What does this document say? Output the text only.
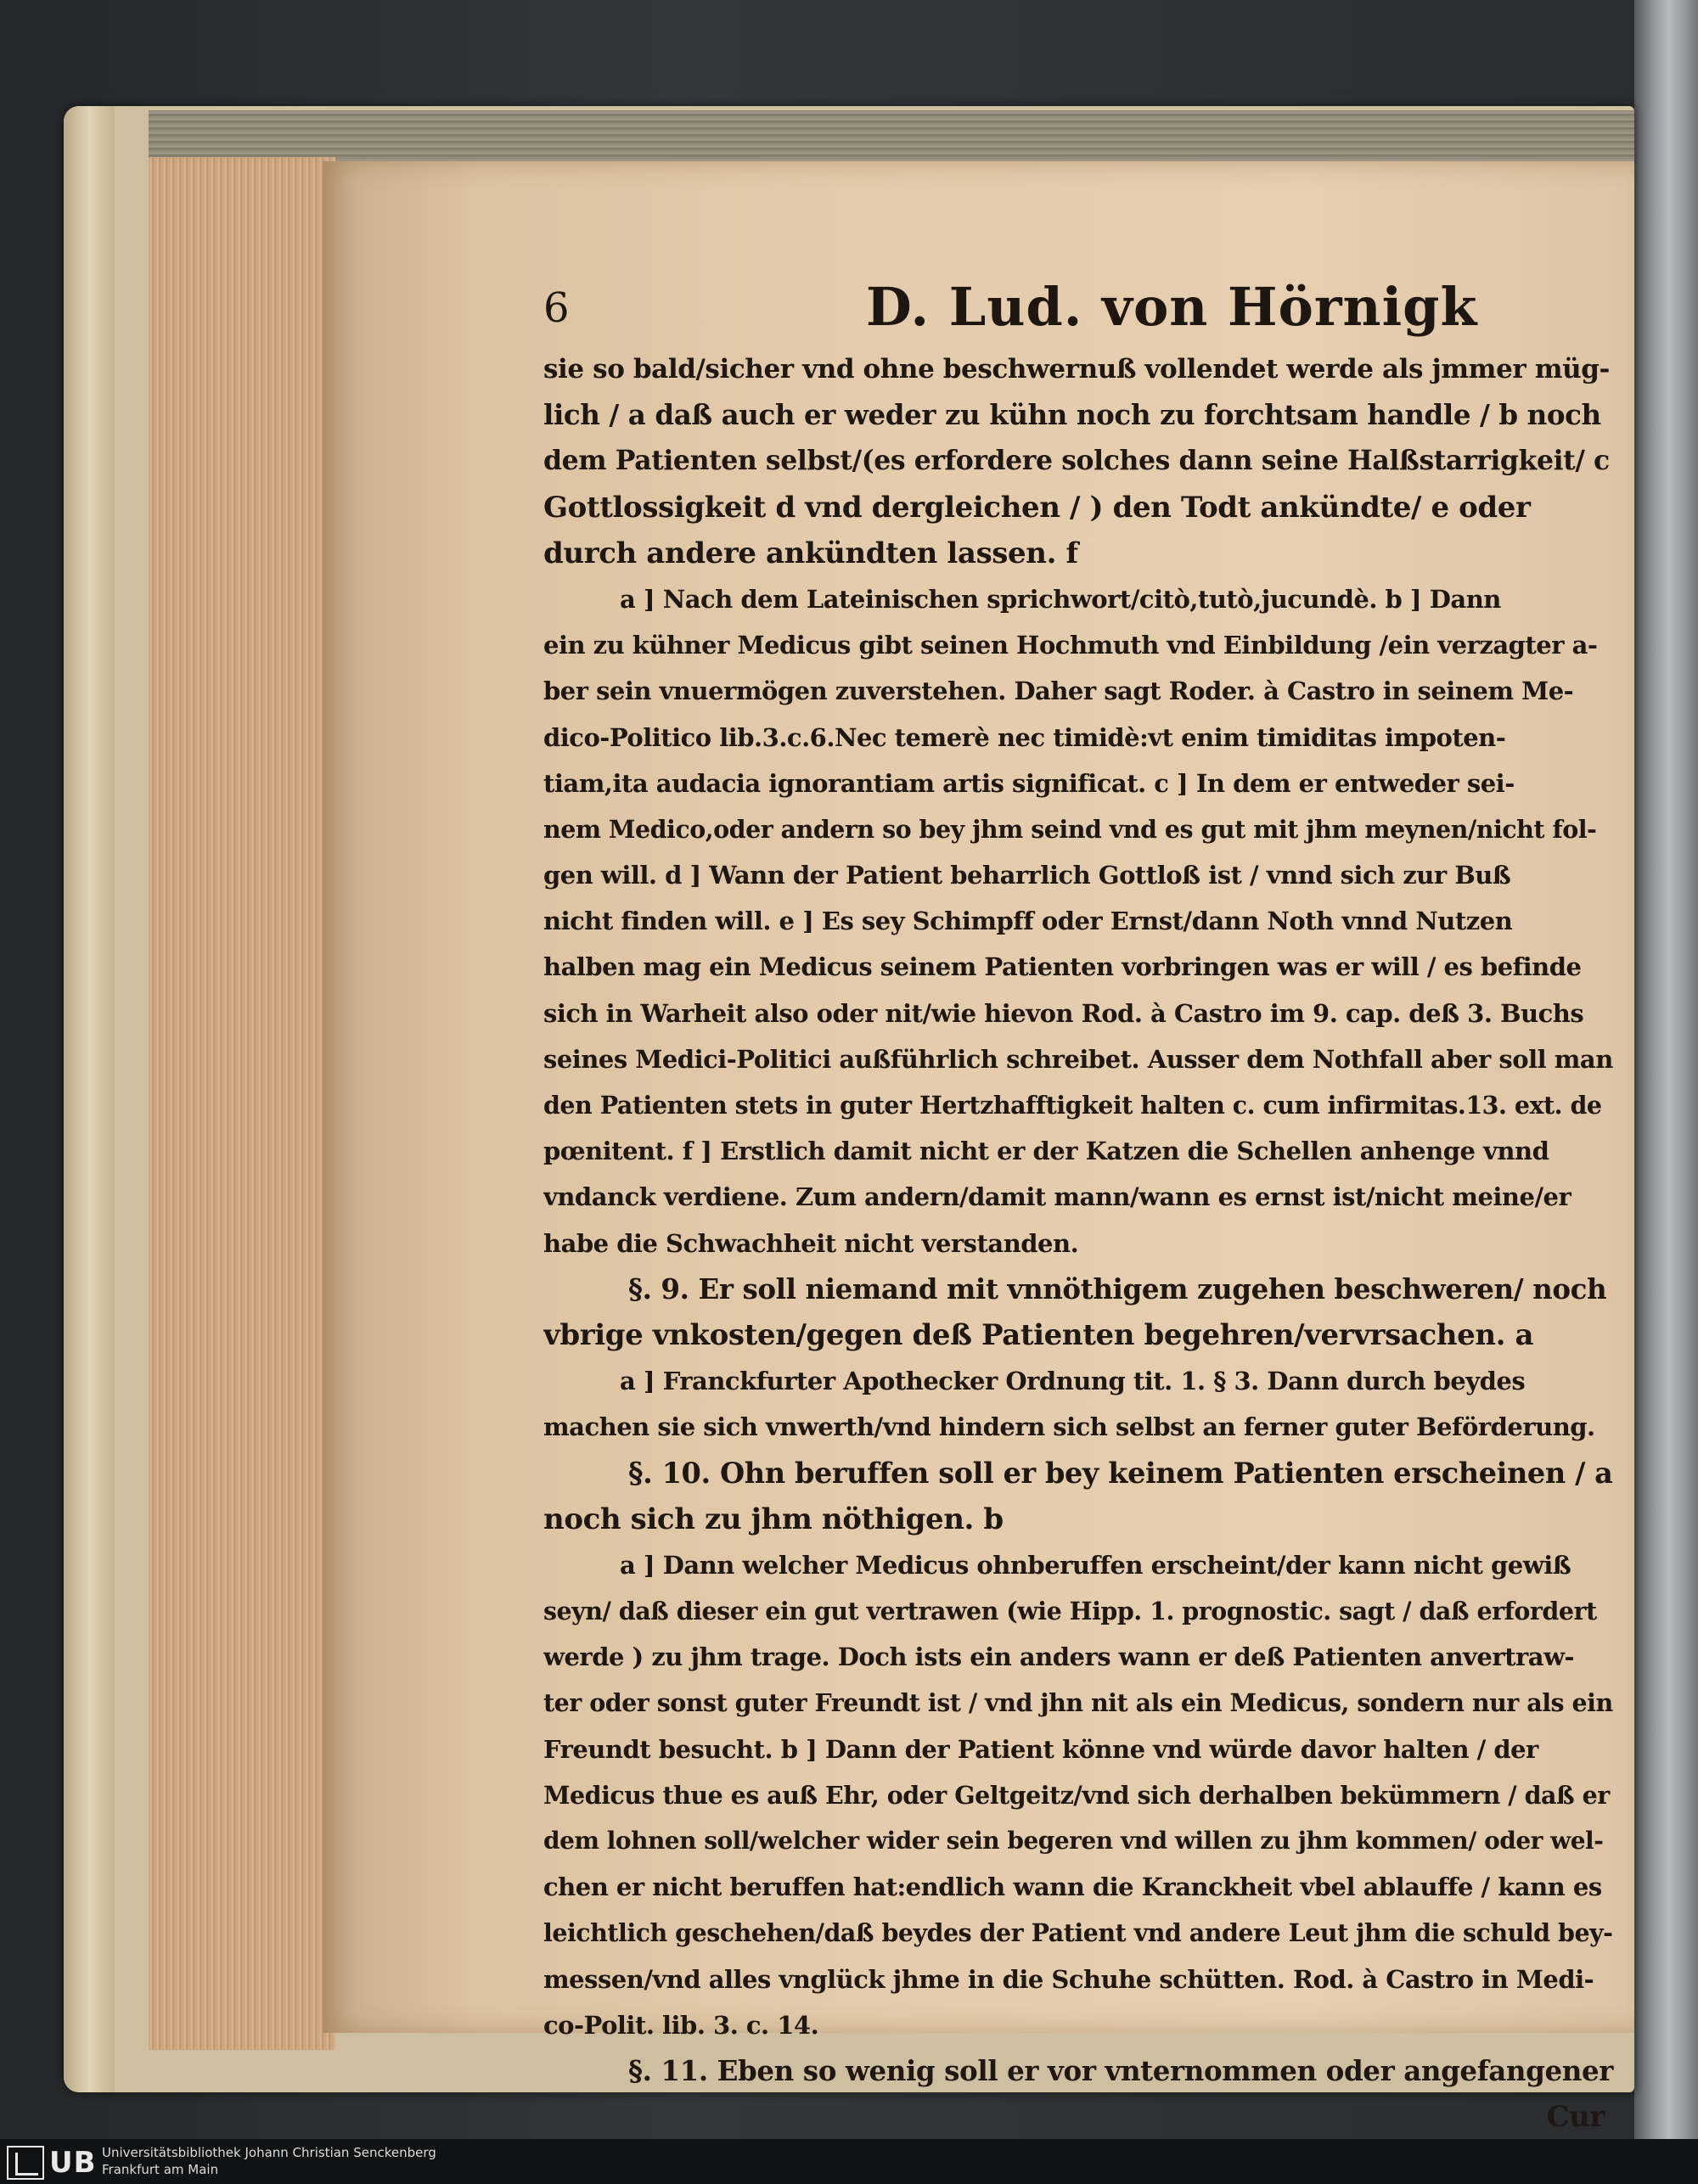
6	D. Lud. von Hörnigk
sie so bald/sicher vnd ohne beschwernuß vollendet werde als jmmer müg-
lich / a daß auch er weder zu kühn noch zu forchtsam handle / b noch
dem Patienten selbst/(es erfordere solches dann seine Halßstarrigkeit/ c
Gottlossigkeit d vnd dergleichen / ) den Todt ankündte/ e oder
durch andere ankündten lassen. f
a ] Nach dem Lateinischen sprichwort/citò,tutò,jucundè. b ] Dann
ein zu kühner Medicus gibt seinen Hochmuth vnd Einbildung /ein verzagter a-
ber sein vnuermögen zuverstehen. Daher sagt Roder. à Castro in seinem Me-
dico-Politico lib.3.c.6.Nec temerè nec timidè:vt enim timiditas impoten-
tiam,ita audacia ignorantiam artis significat. c ] In dem er entweder sei-
nem Medico,oder andern so bey jhm seind vnd es gut mit jhm meynen/nicht fol-
gen will. d ] Wann der Patient beharrlich Gottloß ist / vnnd sich zur Buß
nicht finden will. e ] Es sey Schimpff oder Ernst/dann Noth vnnd Nutzen
halben mag ein Medicus seinem Patienten vorbringen was er will / es befinde
sich in Warheit also oder nit/wie hievon Rod. à Castro im 9. cap. deß 3. Buchs
seines Medici-Politici außführlich schreibet. Ausser dem Nothfall aber soll man
den Patienten stets in guter Hertzhafftigkeit halten c. cum infirmitas.13. ext. de
pœnitent. f ] Erstlich damit nicht er der Katzen die Schellen anhenge vnnd
vndanck verdiene. Zum andern/damit mann/wann es ernst ist/nicht meine/er
habe die Schwachheit nicht verstanden.
§. 9. Er soll niemand mit vnnöthigem zugehen beschweren/ noch
vbrige vnkosten/gegen deß Patienten begehren/vervrsachen. a
a ] Franckfurter Apothecker Ordnung tit. 1. § 3. Dann durch beydes
machen sie sich vnwerth/vnd hindern sich selbst an ferner guter Beförderung.
§. 10. Ohn beruffen soll er bey keinem Patienten erscheinen / a
noch sich zu jhm nöthigen. b
a ] Dann welcher Medicus ohnberuffen erscheint/der kann nicht gewiß
seyn/ daß dieser ein gut vertrawen (wie Hipp. 1. prognostic. sagt / daß erfordert
werde ) zu jhm trage. Doch ists ein anders wann er deß Patienten anvertraw-
ter oder sonst guter Freundt ist / vnd jhn nit als ein Medicus, sondern nur als ein
Freundt besucht. b ] Dann der Patient könne vnd würde davor halten / der
Medicus thue es auß Ehr, oder Geltgeitz/vnd sich derhalben bekümmern / daß er
dem lohnen soll/welcher wider sein begeren vnd willen zu jhm kommen/ oder wel-
chen er nicht beruffen hat:endlich wann die Kranckheit vbel ablauffe / kann es
leichtlich geschehen/daß beydes der Patient vnd andere Leut jhm die schuld bey-
messen/vnd alles vnglück jhme in die Schuhe schütten. Rod. à Castro in Medi-
co-Polit. lib. 3. c. 14.
§. 11. Eben so wenig soll er vor vnternommen oder angefangener
Cur
UB Universitätsbibliothek Johann Christian Senckenberg
Frankfurt am Main
